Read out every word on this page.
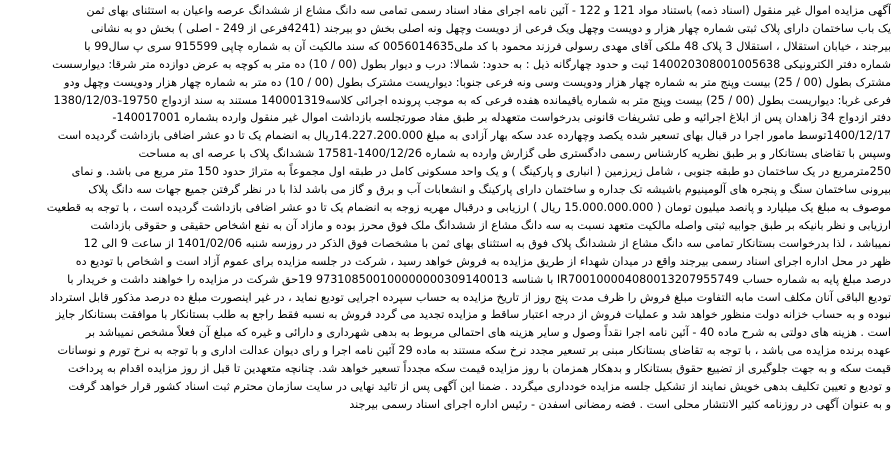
آگهی مزایده اموال غیر منقول (اسناد ذمه) باستناد مواد 121 و 122 - آئین نامه اجرای مفاد اسناد رسمی تمامی سه دانگ مشاع از ششدانگ عرصه واعیان به استثنای بهای ثمن
یک باب ساختمان دارای پلاک ثبتی شماره چهار هزار و دویست وچهل ویک فرعی از دویست وچهل ونه اصلی بخش دو بیرجند (4241فرعی از 249 - اصلی ) بخش دو به نشانی
بیرجند ، خیابان استقلال ، استقلال 3 پلاک 48 ملکی آقای مهدی رسولی فرزند محمود با کد ملی0056014635 که سند مالکیت آن به شماره چاپی 915599 سری پ سال99 با
شماره دفتر الکترونیکی 140020308001005638 ثبت و حدود چهارگانه ذیل : به حدود: شمالا: درب و دیوار بطول (00 / 10) ده متر به کوچه به عرض دوازده متر شرقا: دیوارسست
مشترک بطول (00 / 25) بیست وپنج متر به شماره چهار هزار ودویست وسی ونه فرعی جنوبا: دیواریست مشترک بطول (00 / 10) ده متر به شماره چهار هزار ودویست وچهل ودو
فرعی غربا: دیواریست بطول (00 / 25) بیست وپنج متر به شماره یاقیمانده هفده فرعی که به موجب پرونده اجرائی کلاسه140001319 مستند به سند ازدواج 19750-1380/12/03
دفتر ازدواج 34 زاهدان پس از ابلاغ اجرائیه و طی تشریفات قانونی بدرخواست متعهدله بر طبق مفاد صورتجلسه بازداشت اموال غیر منقول وارده بشماره 140017001-
1400/12/17توسط مامور اجرا در قبال بهای تسعیر شده یکصد وچهارده عدد سکه بهار آزادی به مبلغ 14.227.200.000ریال به انضمام یک تا دو عشر اضافی بازداشت گردیده است
وسپس با تقاضای بستانکار و بر طبق نظریه کارشناس رسمی دادگستری طی گزارش وارده به شماره 1400/12/26-17581 ششدانگ پلاک با عرصه ای به مساحت
250مترمربع در یک ساختمان دو طبقه جنوبی ، شامل زیرزمین ( انباری و پارکینگ ) و یک واحد مسکونی کامل در طبقه اول مجموعاً به متراژ حدود 150 متر مربع می باشد. و نمای
بیرونی ساختمان سنگ و پنجره های آلومینیوم باشیشه تک جداره و ساختمان دارای پارکینگ و انشعابات آب و برق و گاز می باشد لذا با در نظر گرفتن جمیع جهات سه دانگ پلاک
موصوف به مبلغ یک میلیارد و پانصد میلیون تومان ( 15.000.000.000 ریال ) ارزیابی و درقبال مهریه زوجه به انضمام یک تا دو عشر اضافی بازداشت گردیده است ، با توجه به قطعیت
ارزیابی و نظر بانیکه بر طبق جوابیه ثبتی واصله مالکیت متعهد نسبت به سه دانگ مشاع از ششدانگ ملک فوق محرز بوده و مازاد آن به نفع اشخاص حقیقی و حقوقی بازداشت
نمیباشد ، لذا بدرخواست بستانکار تمامی سه دانگ مشاع از ششدانگ پلاک فوق به استثنای بهای ثمن با مشخصات فوق الذکر در روزسه شنبه 1401/02/06 از ساعت 9 الی 12
ظهر در محل اداره اجرای اسناد رسمی بیرجند واقع در میدان شهداء از طریق مزایده به فروش خواهد رسید ، شرکت در جلسه مزایده برای عموم آزاد است و اشخاص با تودیع ده
درصد مبلغ پایه به شماره حساب IR700100004080013207955749 با شناسه 973108500100000000309140013 19حق شرکت در مزایده را خواهند داشت و خریدار با
تودیع الباقی آنان مکلف است مابه التفاوت مبلغ فروش را ظرف مدت پنج روز از تاریخ مزایده به حساب سپرده اجرایی تودیع نماید ، در غیر اینصورت مبلغ ده درصد مذکور قابل استرداد
نبوده و به حساب خزانه دولت منظور خواهد شد و عملیات فروش از درجه اعتبار ساقط و مزایده تجدید می گردد فروش به نسبه فقط راجع به طلب بستانکار با موافقت بستانکار جایز
است . هزینه های دولتی به شرح ماده 40 - آئین نامه اجرا نقداً وصول و سایر هزینه های احتمالی مربوط به بدهی شهرداری و دارائی و غیره که مبلغ آن فعلاً مشخص نمیباشد بر
عهده برنده مزایده می باشد ، با توجه به تقاضای بستانکار مبنی بر تسعیر مجدد نرخ سکه مستند به ماده 29 آئین نامه اجرا و رای دیوان عدالت اداری و با توجه به نرخ تورم و نوسانات
قیمت سکه و به جهت جلوگیری از تضییع حقوق بستانکار و بدهکار همزمان با روز مزایده قیمت سکه مجدداً تسعیر خواهد شد. چنانچه متعهدین تا قبل از روز مزایده اقدام به پرداخت
و تودیع و تعیین تکلیف بدهی خویش نمایند از تشکیل جلسه مزایده خودداری میگردد . ضمنا این آگهی پس از تائید نهایی در سایت سازمان محترم ثبت اسناد کشور قرار خواهد گرفت
و به عنوان آگهی در روزنامه کثیر الانتشار محلی است . فضه رمضانی اسفدن - رئیس اداره اجرای اسناد رسمی بیرجند
